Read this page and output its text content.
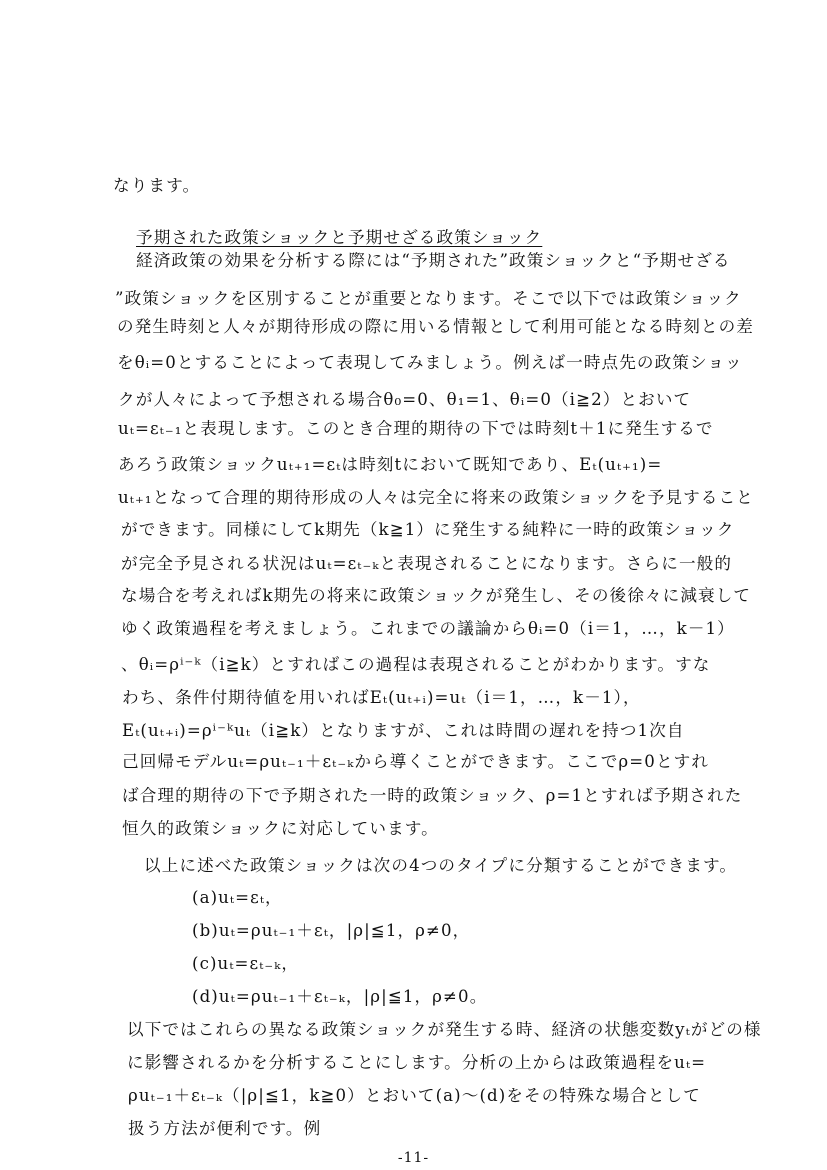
なります。
予期された政策ショックと予期せざる政策ショック
経済政策の効果を分析する際には“予期された”政策ショックと“予期せざる
”政策ショックを区別することが重要となります。そこで以下では政策ショック
の発生時刻と人々が期待形成の際に用いる情報として利用可能となる時刻との差
をθᵢ=0とすることによって表現してみましょう。例えば一時点先の政策ショッ
クが人々によって予想される場合θ₀=0、θ₁=1、θᵢ=0（i≧2）とおいて
uₜ=εₜ₋₁と表現します。このとき合理的期待の下では時刻t＋1に発生するで
あろう政策ショックuₜ₊₁=εₜは時刻tにおいて既知であり、Eₜ(uₜ₊₁)=
uₜ₊₁となって合理的期待形成の人々は完全に将来の政策ショックを予見すること
ができます。同様にしてk期先（k≧1）に発生する純粋に一時的政策ショック
が完全予見される状況はuₜ=εₜ₋ₖと表現されることになります。さらに一般的
な場合を考えればk期先の将来に政策ショックが発生し、その後徐々に減衰して
ゆく政策過程を考えましょう。これまでの議論からθᵢ=0（i＝1，…，k－1）
、θᵢ=ρⁱ⁻ᵏ（i≧k）とすればこの過程は表現されることがわかります。すな
わち、条件付期待値を用いればEₜ(uₜ₊ᵢ)=uₜ（i＝1，…，k－1），
Eₜ(uₜ₊ᵢ)=ρⁱ⁻ᵏuₜ（i≧k）となりますが、これは時間の遅れを持つ1次自
己回帰モデルuₜ=ρuₜ₋₁＋εₜ₋ₖから導くことができます。ここでρ=0とすれ
ば合理的期待の下で予期された一時的政策ショック、ρ=1とすれば予期された
恒久的政策ショックに対応しています。
以上に述べた政策ショックは次の4つのタイプに分類することができます。
(a)uₜ=εₜ，
(b)uₜ=ρuₜ₋₁＋εₜ，|ρ|≦1，ρ≠0，
(c)uₜ=εₜ₋ₖ，
(d)uₜ=ρuₜ₋₁＋εₜ₋ₖ，|ρ|≦1，ρ≠0。
以下ではこれらの異なる政策ショックが発生する時、経済の状態変数yₜがどの様
に影響されるかを分析することにします。分析の上からは政策過程をuₜ=
ρuₜ₋₁＋εₜ₋ₖ（|ρ|≦1，k≧0）とおいて(a)～(d)をその特殊な場合として
扱う方法が便利です。例
-11-
